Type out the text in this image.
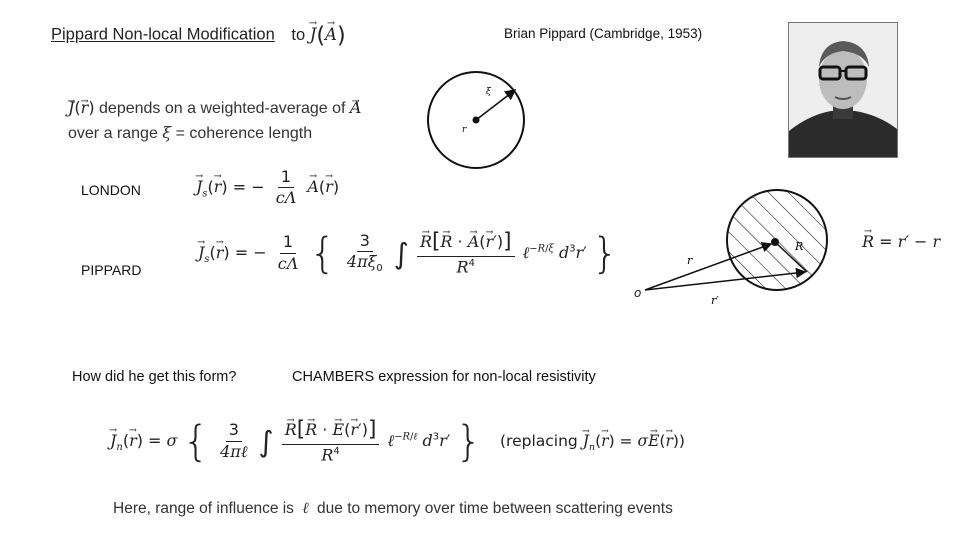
Pippard Non-local Modification to → J(→ A)	Brian Pippard (Cambridge, 1953)
→ J(→ r) depends on a weighted-average of → A
over a range ξ = coherence length
ξ
r
LONDON
→	$J_s(\to r)$ = − $\frac{1}{c\Lambda}$
→ A(→ r)
PIPPARD
→ $J_s(\to r)$ = − $\frac{1}{c\Lambda}$ { $\frac{3}{4\pi\xi_0}$ ∫
→ $\frac{R[\to R \cdot \to A(\to r')]}{R^4}$ ℓ$^{-R/\xi}$ $d^3r'$ }	r
r′
R
o
→ R = r′ − r
How did he get this form?	CHAMBERS expression for non-local resistivity
→ $J_n(\to r) = \sigma$ { $\frac{3}{\text{4πℓ}}$ ∫
→ $\frac{R[\to R \cdot \to E(\to r')]}{R^4}$ ℓ$^{-R/\ell}$ $d^3r'$ } (replacing → $J_n(\to r) = \sigma\to E(\to r)$)
Here, range of influence is ℓ due to memory over time between scattering events
